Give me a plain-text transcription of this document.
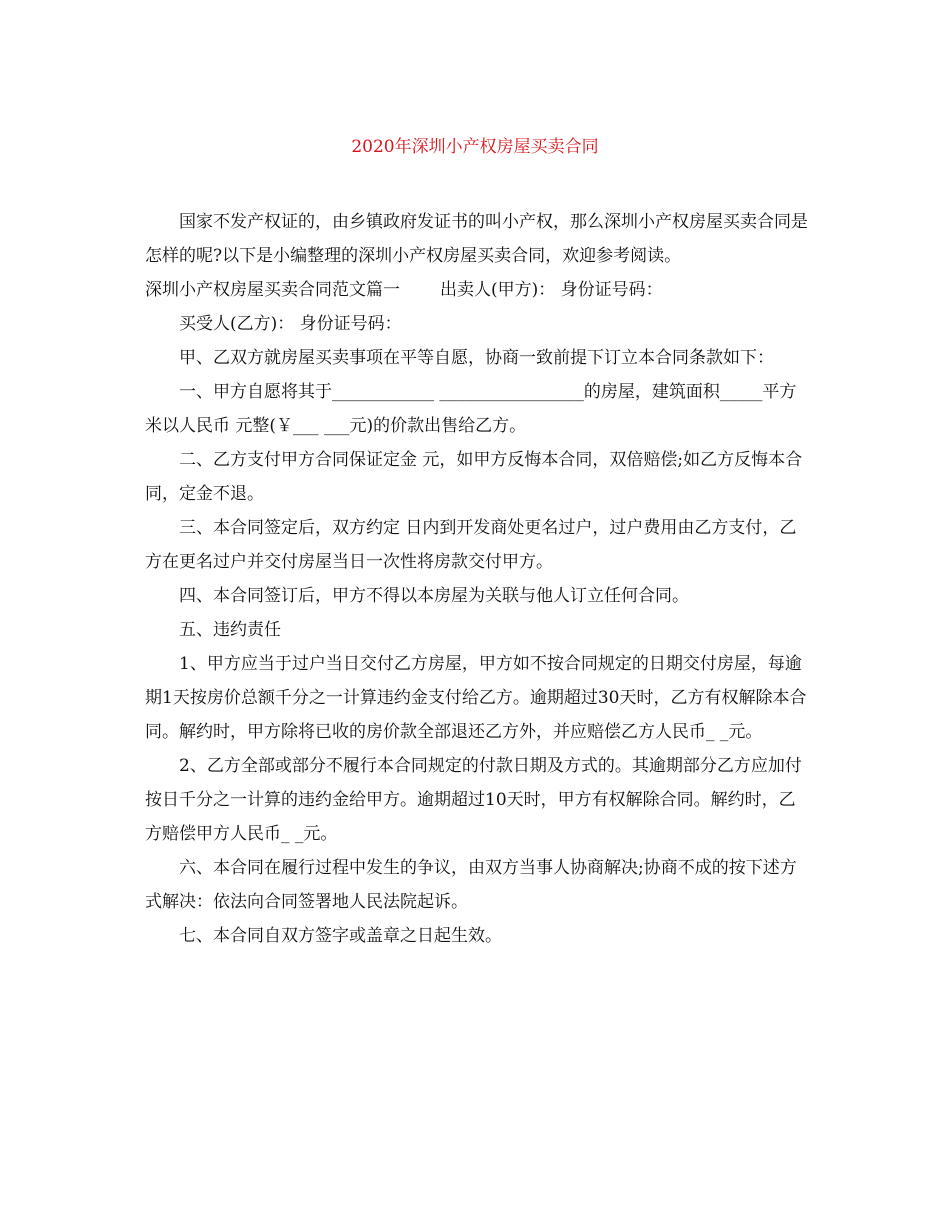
2020年深圳小产权房屋买卖合同

国家不发产权证的，由乡镇政府发证书的叫小产权，那么深圳小产权房屋买卖合同是怎样的呢?以下是小编整理的深圳小产权房屋买卖合同，欢迎参考阅读。

深圳小产权房屋买卖合同范文篇一 出卖人(甲方)： 身份证号码：

买受人(乙方)： 身份证号码：

甲、乙双方就房屋买卖事项在平等自愿，协商一致前提下订立本合同条款如下：

一、甲方自愿将其于____________ _________________的房屋，建筑面积_____平方米以人民币 元整(￥___ ___元)的价款出售给乙方。

二、乙方支付甲方合同保证定金 元，如甲方反悔本合同，双倍赔偿;如乙方反悔本合同，定金不退。

三、本合同签定后，双方约定 日内到开发商处更名过户，过户费用由乙方支付，乙方在更名过户并交付房屋当日一次性将房款交付甲方。

四、本合同签订后，甲方不得以本房屋为关联与他人订立任何合同。

五、违约责任

1、甲方应当于过户当日交付乙方房屋，甲方如不按合同规定的日期交付房屋，每逾期1天按房价总额千分之一计算违约金支付给乙方。逾期超过30天时，乙方有权解除本合同。解约时，甲方除将已收的房价款全部退还乙方外，并应赔偿乙方人民币_ _元。

2、乙方全部或部分不履行本合同规定的付款日期及方式的。其逾期部分乙方应加付按日千分之一计算的违约金给甲方。逾期超过10天时，甲方有权解除合同。解约时，乙方赔偿甲方人民币_ _元。

六、本合同在履行过程中发生的争议，由双方当事人协商解决;协商不成的按下述方式解决：依法向合同签署地人民法院起诉。

七、本合同自双方签字或盖章之日起生效。
